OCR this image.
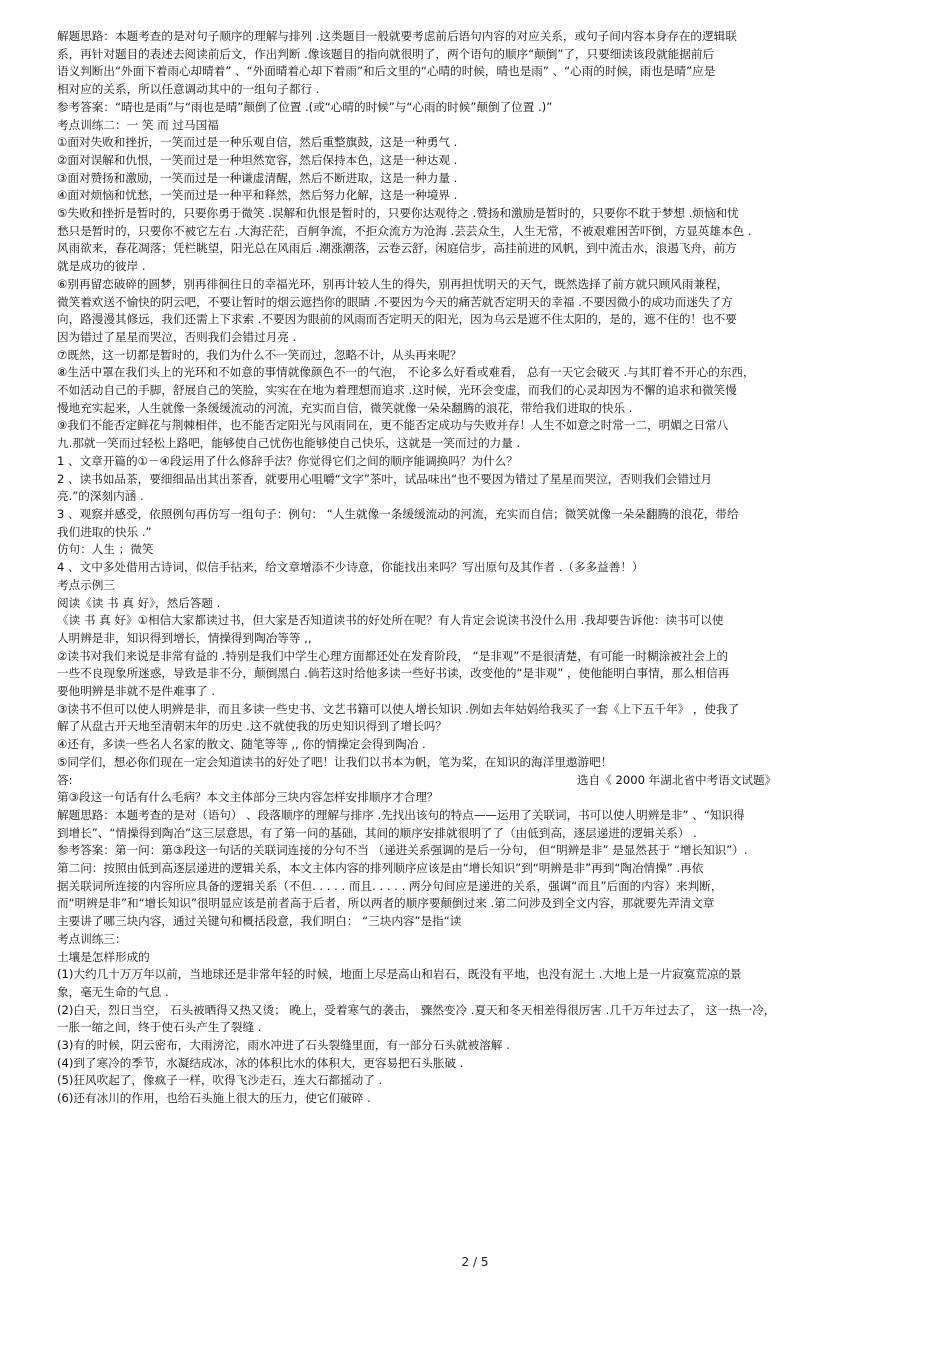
解题思路：本题考查的是对句子顺序的理解与排列 .这类题目一般就要考虑前后语句内容的对应关系，或句子间内容本身存在的逻辑联

系，再针对题目的表述去阅读前后文，作出判断 .像该题目的指向就很明了，两个语句的顺序“颠倒”了，只要细读该段就能据前后

语义判断出“外面下着雨心却晴着” 、“外面晴着心却下着雨”和后文里的“心晴的时候，晴也是雨” 、“心雨的时候，雨也是晴”应是

相对应的关系，所以任意调动其中的一组句子都行 .

参考答案：“晴也是雨”与“雨也是晴”颠倒了位置 .(或“心晴的时候”与“心雨的时候”颠倒了位置 .)”

考点训练二：一 笑 而 过马国福

①面对失败和挫折，一笑而过是一种乐观自信，然后重整旗鼓，这是一种勇气 .

②面对误解和仇恨，一笑而过是一种坦然宽容，然后保持本色，这是一种达观 .

③面对赞扬和激励，一笑而过是一种谦虚清醒，然后不断进取，这是一种力量 .

④面对烦恼和忧愁，一笑而过是一种平和释然，然后努力化解，这是一种境界 .

⑤失败和挫折是暂时的，只要你勇于微笑 .误解和仇恨是暂时的，只要你达观待之 .赞扬和激励是暂时的，只要你不耽于梦想 .烦恼和忧

愁只是暂时的，只要你不被它左右 .大海茫茫，百舸争流，不拒众流方为沧海 .芸芸众生，人生无常，不被艰难困苦吓倒，方显英雄本色 .

风雨欲来，春花凋落；凭栏眺望，阳光总在风雨后 .潮涨潮落，云卷云舒，闲庭信步，高挂前进的风帆，到中流击水，浪遏飞舟，前方

就是成功的彼岸 .

⑥别再留恋破碎的圆梦，别再徘徊往日的幸福光环，别再计较人生的得失，别再担忧明天的天气，既然选择了前方就只顾风雨兼程，

微笑着欢送不愉快的阴云吧，不要让暂时的烟云遮挡你的眼睛 .不要因为今天的痛苦就否定明天的幸福 .不要因微小的成功而迷失了方

向，路漫漫其修远，我们还需上下求索 .不要因为眼前的风雨而否定明天的阳光，因为乌云是遮不住太阳的，是的，遮不住的！也不要

因为错过了星星而哭泣，否则我们会错过月亮 .

⑦既然，这一切都是暂时的，我们为什么不一笑而过，忽略不计，从头再来呢？

⑧生活中罩在我们头上的光环和不如意的事情就像颜色不一的气泡， 不论多么好看或难看， 总有一天它会破灭 .与其盯着不开心的东西，

不如活动自己的手脚，舒展自己的笑脸，实实在在地为着理想而追求 .这时候，光环会变虚，而我们的心灵却因为不懈的追求和微笑慢

慢地充实起来，人生就像一条缓缓流动的河流，充实而自信，微笑就像一朵朵翻腾的浪花，带给我们进取的快乐 .

⑨我们不能否定鲜花与荆棘相伴，也不能否定阳光与风雨同在，更不能否定成功与失败并存！人生不如意之时常一二，明媚之日常八

九.那就一笑而过轻松上路吧，能够使自己忧伤也能够使自己快乐，这就是一笑而过的力量 .

1 、文章开篇的①－④段运用了什么修辞手法？你觉得它们之间的顺序能调换吗？为什么？

2 、读书如品茶，要细细品出其出茶香，就要用心咀嚼“文字”茶叶，试品味出“也不要因为错过了星星而哭泣，否则我们会错过月

亮.”的深刻内涵 .

3 、观察并感受，依照例句再仿写一组句子：例句： “人生就像一条缓缓流动的河流，充实而自信；微笑就像一朵朵翻腾的浪花，带给

我们进取的快乐 .”

仿句：人生 ；微笑

4 、文中多处借用古诗词，似信手拈来，给文章增添不少诗意，你能找出来吗？写出原句及其作者 .（多多益善！）

考点示例三

阅读《读 书 真 好》，然后答题 .

《读 书 真 好》①相信大家都读过书，但大家是否知道读书的好处所在呢？有人肯定会说读书没什么用 .我却要告诉他：读书可以使

人明辨是非，知识得到增长，情操得到陶冶等等 ,,

②读书对我们来说是非常有益的 .特别是我们中学生心理方面都还处在发育阶段， “是非观”不是很清楚，有可能一时糊涂被社会上的

一些不良现象所迷惑，导致是非不分，颠倒黑白 .倘若这时给他多读一些好书读，改变他的“是非观” ，使他能明白事情，那么相信再

要他明辨是非就不是件难事了 .

③读书不但可以使人明辨是非，而且多读一些史书、文艺书籍可以使人增长知识 .例如去年姑妈给我买了一套《上下五千年》 ，使我了

解了从盘古开天地至清朝末年的历史 .这不就使我的历史知识得到了增长吗？

④还有，多读一些名人名家的散文、随笔等等 ,, 你的情操定会得到陶冶 .

⑤同学们，想必你们现在一定会知道读书的好处了吧！让我们以书本为帆，笔为桨，在知识的海洋里遨游吧！

答:	选自《 2000 年湖北省中考语文试题》

第③段这一句话有什么毛病？本文主体部分三块内容怎样安排顺序才合理？

解题思路：本题考查的是对（语句） 、段落顺序的理解与排序 .先找出该句的特点——运用了关联词，书可以使人明辨是非” 、“知识得

到增长”、“情操得到陶冶”这三层意思，有了第一问的基础，其间的顺序安排就很明了了（由低到高，逐层递进的逻辑关系） .

参考答案：第一问：第③段这一句话的关联词连接的分句不当 （递进关系强调的是后一分句， 但“明辨是非” 是显然甚于 “增长知识”）.

第二问：按照由低到高逐层递进的逻辑关系，本文主体内容的排列顺序应该是由“增长知识”到“明辨是非”再到“陶冶情操” .再依

据关联词所连接的内容所应具备的逻辑关系（不但. . . . . 而且. . . . . 两分句间应是递进的关系，强调“而且”后面的内容）来判断，

而“明辨是非”和“增长知识”很明显应该是前者高于后者，所以两者的顺序要颠倒过来 .第二问涉及到全文内容，那就要先弄清文章

主要讲了哪三块内容，通过关键句和概括段意，我们明白： “三块内容”是指“读

考点训练三：

土壤是怎样形成的

(1)大约几十万万年以前，当地球还是非常年轻的时候，地面上尽是高山和岩石，既没有平地，也没有泥土 .大地上是一片寂寞荒凉的景

象，毫无生命的气息 .

(2)白天，烈日当空， 石头被晒得又热又烫； 晚上，受着寒气的袭击， 骤然变冷 .夏天和冬天相差得很厉害 .几千万年过去了， 这一热一冷，

一胀一缩之间，终于使石头产生了裂缝 .

(3)有的时候，阴云密布，大雨滂沱，雨水冲进了石头裂缝里面，有一部分石头就被溶解 .

(4)到了寒冷的季节，水凝结成冰，冰的体积比水的体积大，更容易把石头胀破 .

(5)狂风吹起了，像疯子一样，吹得飞沙走石，连大石都摇动了 .

(6)还有冰川的作用，也给石头施上很大的压力，使它们破碎 .

2 / 5
